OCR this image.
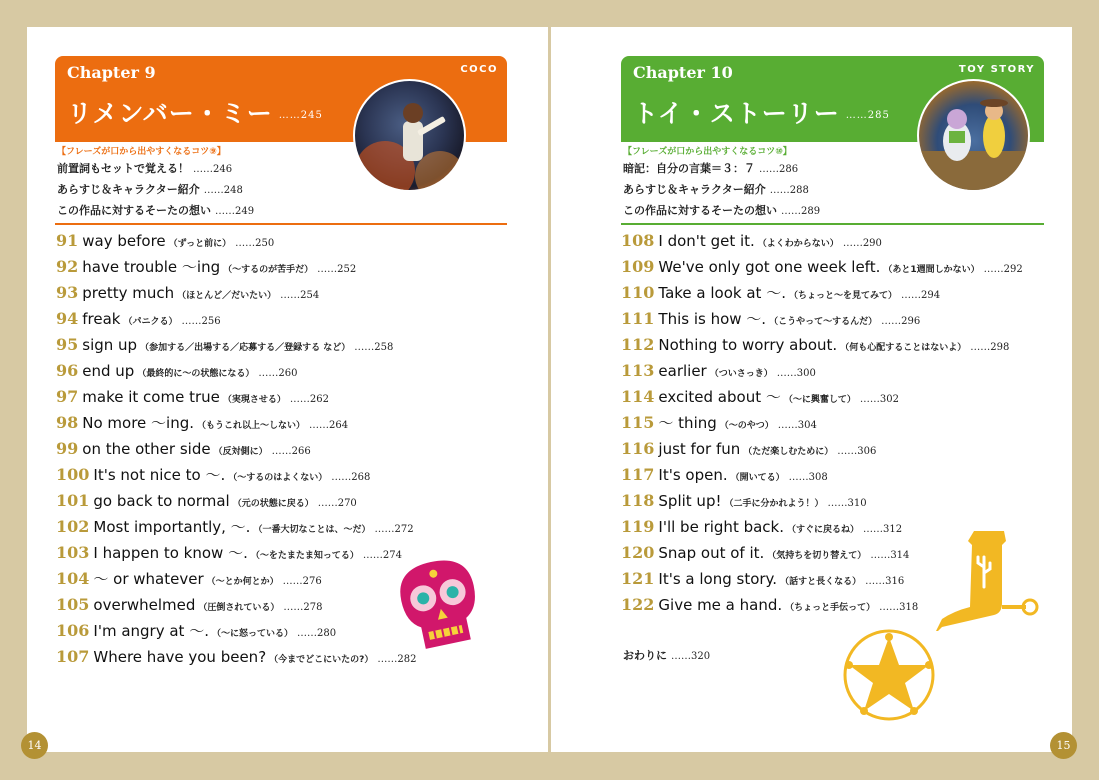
Chapter 9	COCO
リメンバー・ミー ……245
【フレーズが口から出やすくなるコツ⑨】
前置詞もセットで覚える！ ……246
あらすじ＆キャラクター紹介 ……248
この作品に対するそーたの想い ……249
91 way before （ずっと前に） ……250
92 have trouble ～ing （～するのが苦手だ） ……252
93 pretty much （ほとんど／だいたい） ……254
94 freak （パニクる） ……256
95 sign up （参加する／出場する／応募する／登録する など） ……258
96 end up （最終的に～の状態になる） ……260
97 make it come true （実現させる） ……262
98 No more ～ing. （もうこれ以上～しない） ……264
99 on the other side （反対側に） ……266
100 It's not nice to ～. （～するのはよくない） ……268
101 go back to normal （元の状態に戻る） ……270
102 Most importantly, ～. （一番大切なことは、～だ） ……272
103 I happen to know ～. （～をたまたま知ってる） ……274
104 ～ or whatever （～とか何とか） ……276
105 overwhelmed （圧倒されている） ……278
106 I'm angry at ～. （～に怒っている） ……280
107 Where have you been? （今までどこにいたの?） ……282
Chapter 10	TOY STORY
トイ・ストーリー ……285
【フレーズが口から出やすくなるコツ⑩】
暗記：自分の言葉＝３：７ ……286
あらすじ＆キャラクター紹介 ……288
この作品に対するそーたの想い ……289
108 I don't get it. （よくわからない） ……290
109 We've only got one week left. （あと1週間しかない） ……292
110 Take a look at ～. （ちょっと～を見てみて） ……294
111 This is how ～. （こうやって～するんだ） ……296
112 Nothing to worry about. （何も心配することはないよ） ……298
113 earlier （ついさっき） ……300
114 excited about ～ （～に興奮して） ……302
115 ～ thing （～のやつ） ……304
116 just for fun （ただ楽しむために） ……306
117 It's open. （開いてる） ……308
118 Split up! （二手に分かれよう！） ……310
119 I'll be right back. （すぐに戻るね） ……312
120 Snap out of it. （気持ちを切り替えて） ……314
121 It's a long story. （話すと長くなる） ……316
122 Give me a hand. （ちょっと手伝って） ……318
おわりに ……320
14	15
